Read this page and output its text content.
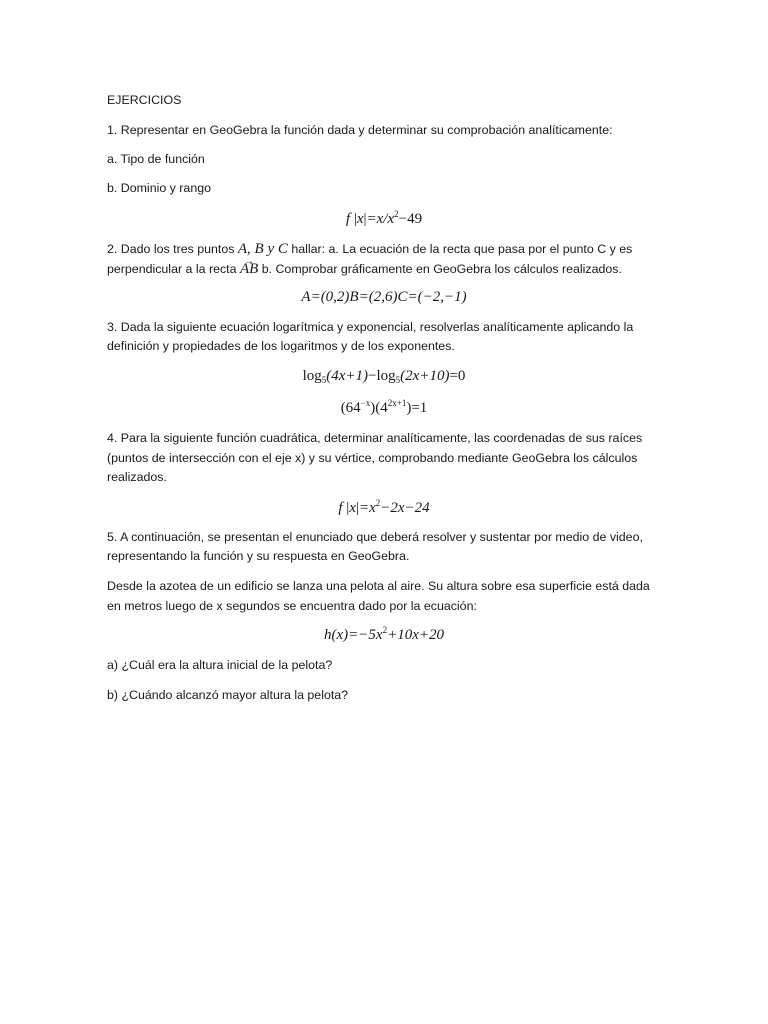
EJERCICIOS
1. Representar en GeoGebra la función dada y determinar su comprobación analíticamente:
a. Tipo de función
b. Dominio y rango
f $|x|=x/x^2-49$
2. Dado los tres puntos A, B y C hallar: a. La ecuación de la recta que pasa por el punto C y es
perpendicular a la recta → AB b. Comprobar gráficamente en GeoGebra los cálculos realizados.
A=(0,2)B=(2,6)C=(−2,−1)
3. Dada la siguiente ecuación logarítmica y exponencial, resolverlas analíticamente aplicando la
definición y propiedades de los logaritmos y de los exponentes.
$\log_5(4x+1)-\log_5(2x+10)=0$
$(64^{-x})(4^{2x+1})=1$
4. Para la siguiente función cuadrática, determinar analíticamente, las coordenadas de sus raíces
(puntos de intersección con el eje x) y su vértice, comprobando mediante GeoGebra los cálculos
realizados.
f $|x|=x^2-2x-24$
5. A continuación, se presentan el enunciado que deberá resolver y sustentar por medio de video,
representando la función y su respuesta en GeoGebra.
Desde la azotea de un edificio se lanza una pelota al aire. Su altura sobre esa superficie está dada
en metros luego de x segundos se encuentra dado por la ecuación:
$h(x)=-5x^2+10x+20$
a) ¿Cuál era la altura inicial de la pelota?
b) ¿Cuándo alcanzó mayor altura la pelota?
